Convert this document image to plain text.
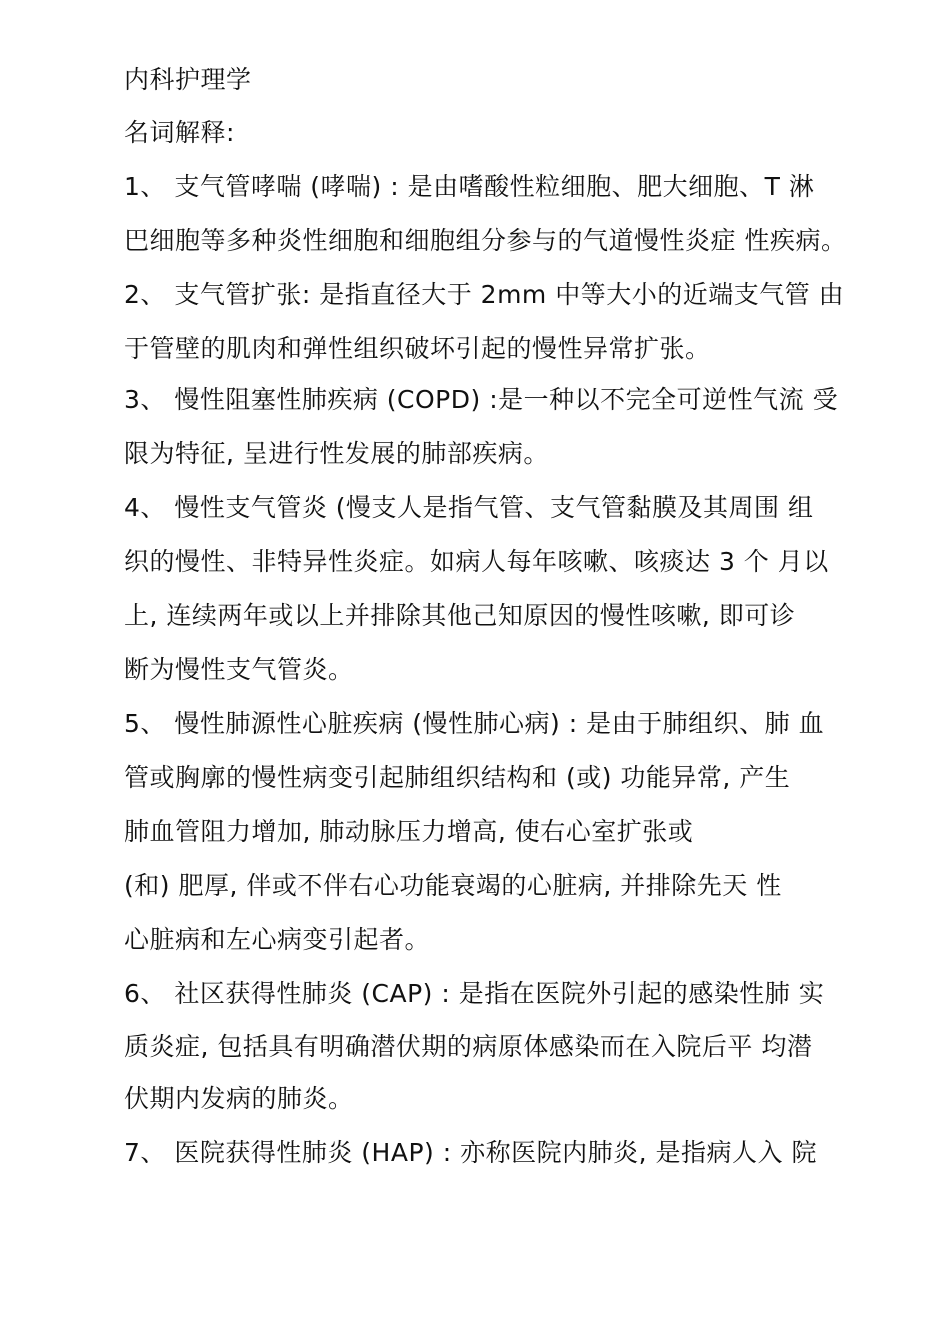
内科护理学
名词解释:
1、 支气管哮喘 (哮喘) : 是由嗜酸性粒细胞、肥大细胞、T 淋
巴细胞等多种炎性细胞和细胞组分参与的气道慢性炎症 性疾病。
2、 支气管扩张: 是指直径大于 2mm 中等大小的近端支气管 由
于管壁的肌肉和弹性组织破坏引起的慢性异常扩张。
3、 慢性阻塞性肺疾病 (COPD) :是一种以不完全可逆性气流 受
限为特征, 呈进行性发展的肺部疾病。
4、 慢性支气管炎 (慢支人是指气管、支气管黏膜及其周围 组
织的慢性、非特异性炎症。如病人每年咳嗽、咳痰达 3 个 月以
上, 连续两年或以上并排除其他己知原因的慢性咳嗽, 即可诊
断为慢性支气管炎。
5、 慢性肺源性心脏疾病 (慢性肺心病) : 是由于肺组织、肺 血
管或胸廓的慢性病变引起肺组织结构和 (或) 功能异常, 产生
肺血管阻力增加, 肺动脉压力增高, 使右心室扩张或
(和) 肥厚, 伴或不伴右心功能衰竭的心脏病, 并排除先天 性
心脏病和左心病变引起者。
6、 社区获得性肺炎 (CAP) : 是指在医院外引起的感染性肺 实
质炎症, 包括具有明确潜伏期的病原体感染而在入院后平 均潜
伏期内发病的肺炎。
7、 医院获得性肺炎 (HAP) : 亦称医院内肺炎, 是指病人入 院
